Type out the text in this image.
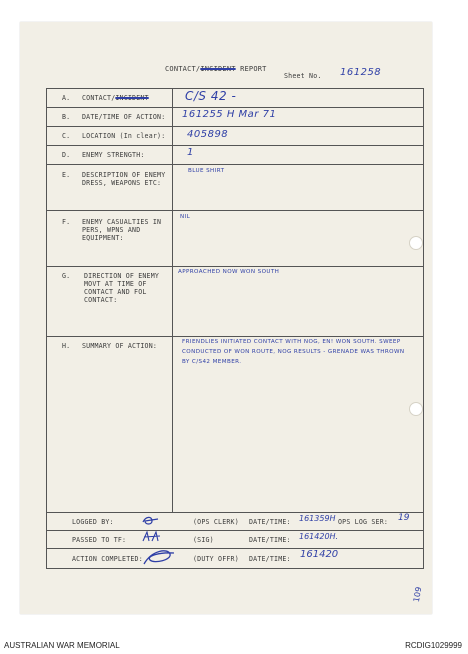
CONTACT/INCIDENT REPORT
Sheet No. 161258
A. CONTACT/INCIDENT	C/S 42 -
B. DATE/TIME OF ACTION: 161255 H Mar 71
C. LOCATION (In clear): 405898
D. ENEMY STRENGTH:	1
E. DESCRIPTION OF ENEMY DRESS, WEAPONS ETC:
BLUE SHIRT
F. ENEMY CASUALTIES IN PERS, WPNS AND EQUIPMENT:
NIL
G. DIRECTION OF ENEMY MOVT AT TIME OF CONTACT AND FOL CONTACT:
APPROACHED NOW WON SOUTH
H. SUMMARY OF ACTION:	FRIENDLIES INITIATED CONTACT WITH NOG, EN! WON SOUTH. SWEEP CONDUCTED OF WON ROUTE, NOG RESULTS - GRENADE WAS THROWN BY C/S42 MEMBER.
LOGGED BY:	(OPS CLERK) DATE/TIME: 161359H OPS LOG SER: 19
PASSED TO TF:	(SIG)	DATE/TIME: 161420H.
ACTION COMPLETED:	(DUTY OFFR) DATE/TIME: 161420
109
AUSTRALIAN WAR MEMORIAL	RCDIG1029999
